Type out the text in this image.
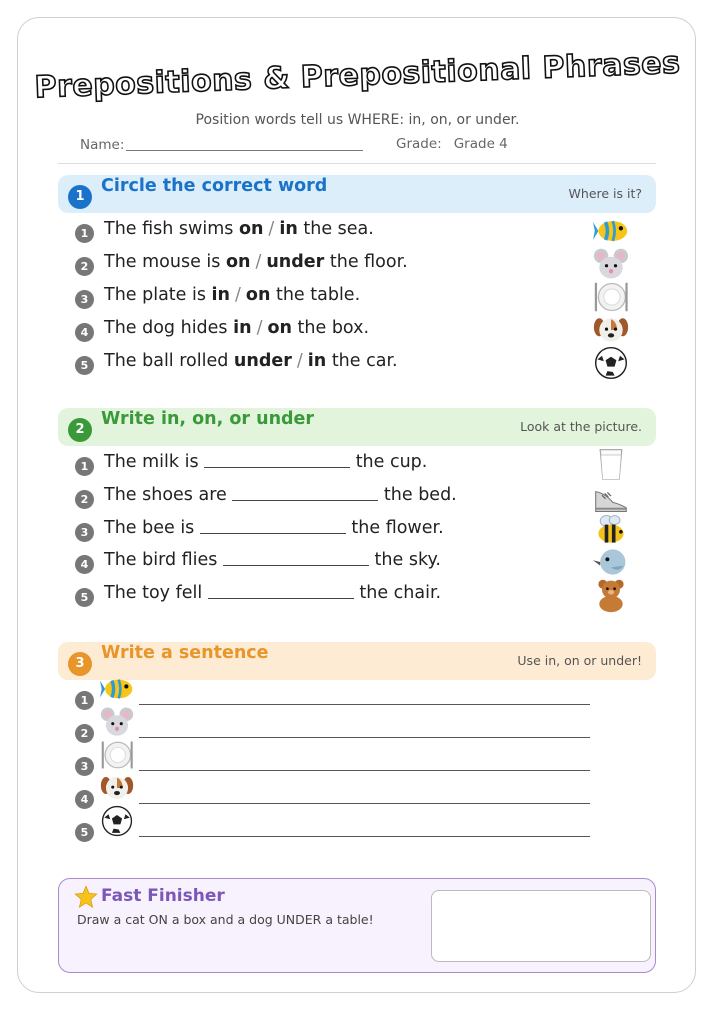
Prepositions & Prepositional Phrases
Position words tell us WHERE: in, on, or under.
Name:	Grade: Grade 4
1
Circle the correct word	Where is it?
2
Write in, on, or under	Look at the picture.
3
Write a sentence	Use in, on or under!
Fast Finisher
Draw a cat ON a box and a dog UNDER a table!
1 The fish swims on / in the sea.
2 The mouse is on / under the floor.
3 The plate is in / on the table.
4 The dog hides in / on the box.
5 The ball rolled under / in the car.
1 The milk is	the cup.
2 The shoes are	the bed.
3 The bee is	the flower.
4 The bird flies	the sky.
5 The toy fell	the chair.
1
2
3
4
5
